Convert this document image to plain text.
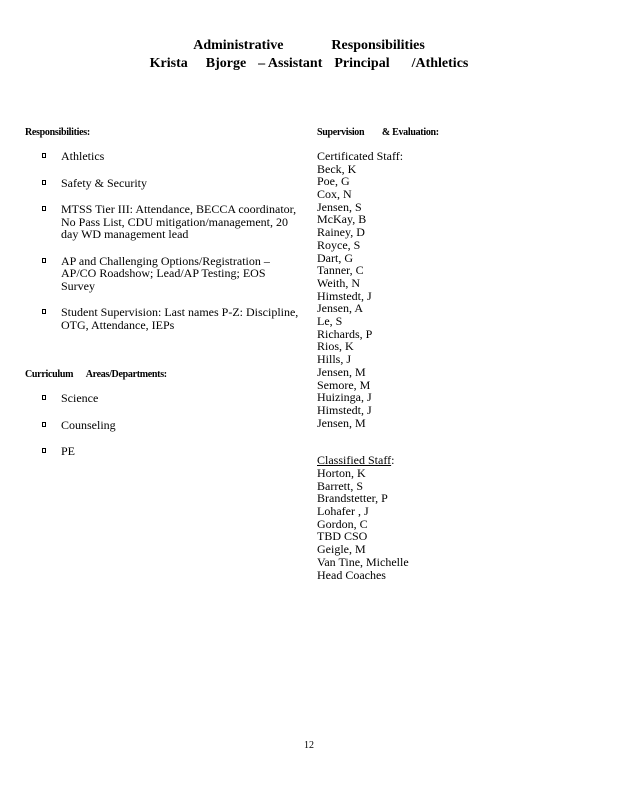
Administrative	Responsibilities
Krista Bjorge – Assistant Principal /Athletics
Responsibilities:
Athletics
Safety & Security
MTSS Tier III: Attendance, BECCA coordinator, No Pass List, CDU mitigation/management, 20 day WD management lead
AP and Challenging Options/Registration – AP/CO Roadshow; Lead/AP Testing; EOS Survey
Student Supervision: Last names P-Z: Discipline, OTG, Attendance, IEPs
Curriculum      Areas/Departments:
Science
Counseling
PE
Supervision        & Evaluation:
Certificated Staff:
Beck, K
Poe, G
Cox, N
Jensen, S
McKay, B
Rainey, D
Royce, S
Dart, G
Tanner, C
Weith, N
Himstedt, J
Jensen, A
Le, S
Richards, P
Rios, K
Hills, J
Jensen, M
Semore, M
Huizinga, J
Himstedt, J
Jensen, M
Classified Staff:
Horton, K
Barrett, S
Brandstetter, P
Lohafer , J
Gordon, C
TBD CSO
Geigle, M
Van Tine, Michelle
Head Coaches
12
